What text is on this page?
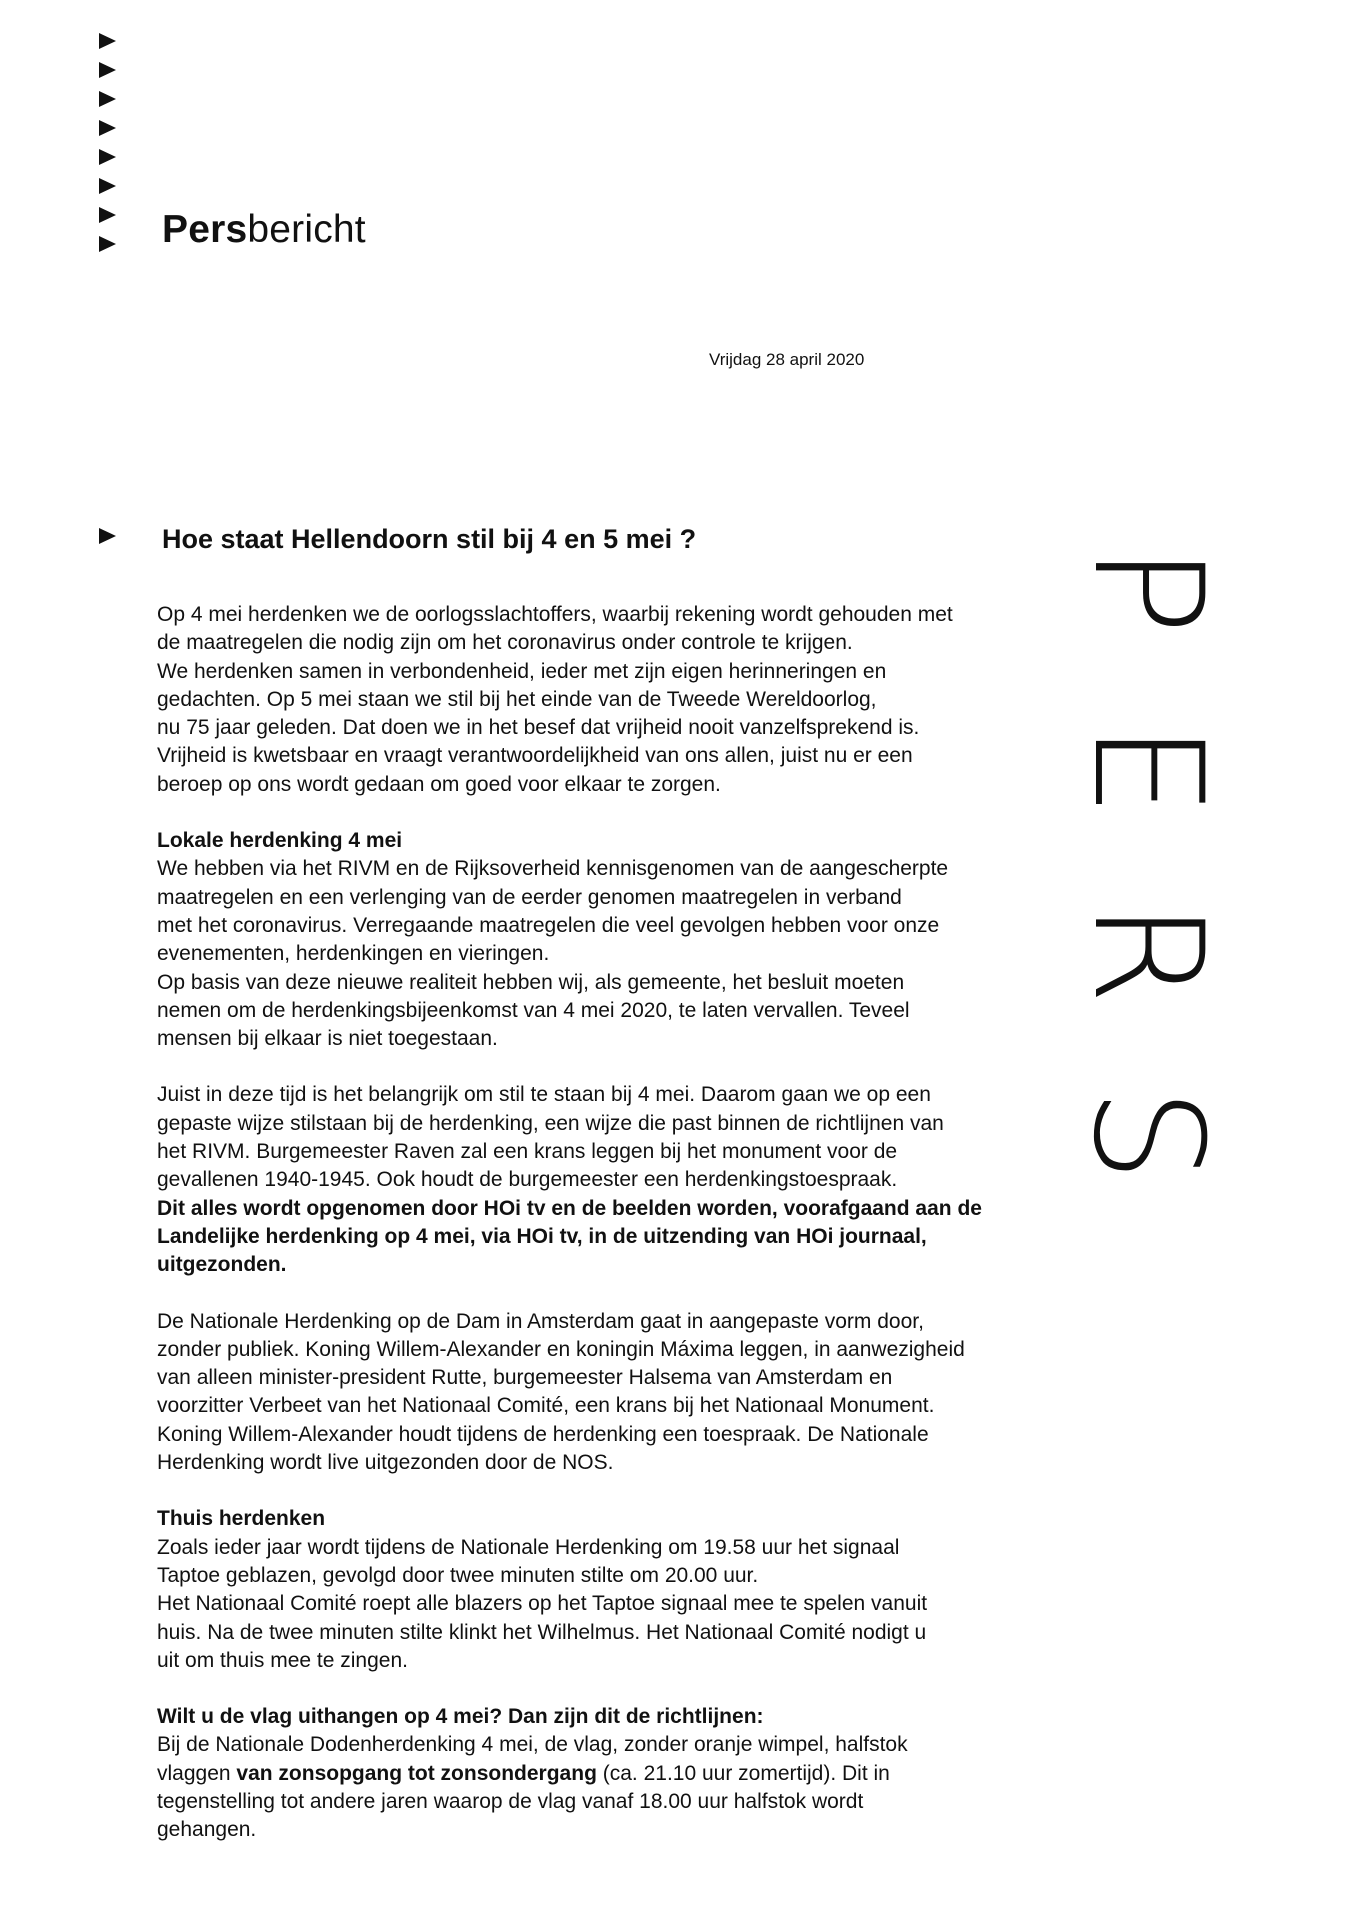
Persbericht
Vrijdag 28 april 2020
Hoe staat Hellendoorn stil bij 4 en 5 mei ?
P
E
R
S
Op 4 mei herdenken we de oorlogsslachtoffers, waarbij rekening wordt gehouden met
de maatregelen die nodig zijn om het coronavirus onder controle te krijgen.
We herdenken samen in verbondenheid, ieder met zijn eigen herinneringen en
gedachten. Op 5 mei staan we stil bij het einde van de Tweede Wereldoorlog,
nu 75 jaar geleden. Dat doen we in het besef dat vrijheid nooit vanzelfsprekend is.
Vrijheid is kwetsbaar en vraagt verantwoordelijkheid van ons allen, juist nu er een
beroep op ons wordt gedaan om goed voor elkaar te zorgen.
Lokale herdenking 4 mei
We hebben via het RIVM en de Rijksoverheid kennisgenomen van de aangescherpte
maatregelen en een verlenging van de eerder genomen maatregelen in verband
met het coronavirus. Verregaande maatregelen die veel gevolgen hebben voor onze
evenementen, herdenkingen en vieringen.
Op basis van deze nieuwe realiteit hebben wij, als gemeente, het besluit moeten
nemen om de herdenkingsbijeenkomst van 4 mei 2020, te laten vervallen. Teveel
mensen bij elkaar is niet toegestaan.
Juist in deze tijd is het belangrijk om stil te staan bij 4 mei. Daarom gaan we op een
gepaste wijze stilstaan bij de herdenking, een wijze die past binnen de richtlijnen van
het RIVM. Burgemeester Raven zal een krans leggen bij het monument voor de
gevallenen 1940-1945. Ook houdt de burgemeester een herdenkingstoespraak.
Dit alles wordt opgenomen door HOi tv en de beelden worden, voorafgaand aan de
Landelijke herdenking op 4 mei, via HOi tv, in de uitzending van HOi journaal,
uitgezonden.
De Nationale Herdenking op de Dam in Amsterdam gaat in aangepaste vorm door,
zonder publiek. Koning Willem-Alexander en koningin Máxima leggen, in aanwezigheid
van alleen minister-president Rutte, burgemeester Halsema van Amsterdam en
voorzitter Verbeet van het Nationaal Comité, een krans bij het Nationaal Monument.
Koning Willem-Alexander houdt tijdens de herdenking een toespraak. De Nationale
Herdenking wordt live uitgezonden door de NOS.
Thuis herdenken
Zoals ieder jaar wordt tijdens de Nationale Herdenking om 19.58 uur het signaal
Taptoe geblazen, gevolgd door twee minuten stilte om 20.00 uur.
Het Nationaal Comité roept alle blazers op het Taptoe signaal mee te spelen vanuit
huis. Na de twee minuten stilte klinkt het Wilhelmus. Het Nationaal Comité nodigt u
uit om thuis mee te zingen.
Wilt u de vlag uithangen op 4 mei? Dan zijn dit de richtlijnen:
Bij de Nationale Dodenherdenking 4 mei, de vlag, zonder oranje wimpel, halfstok
vlaggen van zonsopgang tot zonsondergang (ca. 21.10 uur zomertijd). Dit in
tegenstelling tot andere jaren waarop de vlag vanaf 18.00 uur halfstok wordt
gehangen.
